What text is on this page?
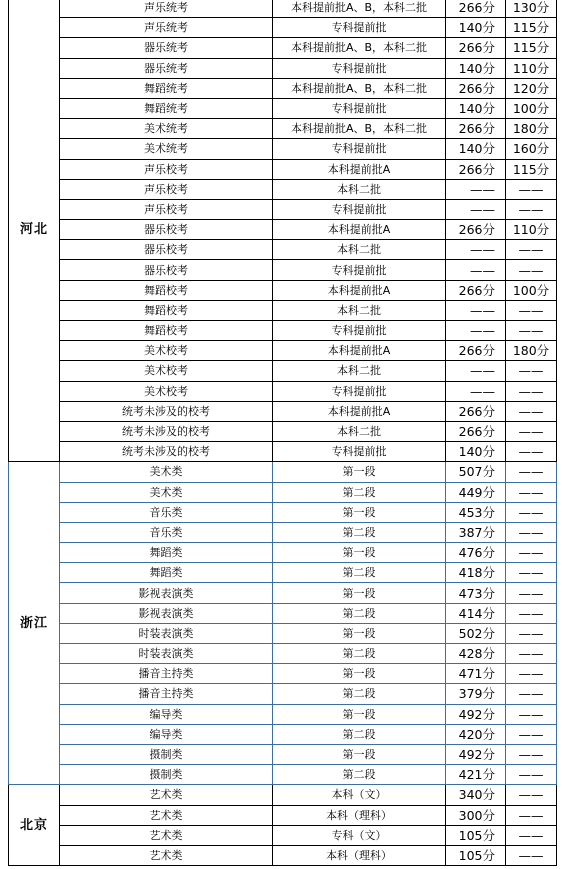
河北	声乐统考	本科提前批A、B，本科二批	266分	130分
	声乐统考	专科提前批	140分	115分
	器乐统考	本科提前批A、B，本科二批	266分	115分
	器乐统考	专科提前批	140分	110分
	舞蹈统考	本科提前批A、B，本科二批	266分	120分
	舞蹈统考	专科提前批	140分	100分
	美术统考	本科提前批A、B，本科二批	266分	180分
	美术统考	专科提前批	140分	160分
	声乐校考	本科提前批A	266分	115分
	声乐校考	本科二批	——	——
	声乐校考	专科提前批	——	——
	器乐校考	本科提前批A	266分	110分
	器乐校考	本科二批	——	——
	器乐校考	专科提前批	——	——
	舞蹈校考	本科提前批A	266分	100分
	舞蹈校考	本科二批	——	——
	舞蹈校考	专科提前批	——	——
	美术校考	本科提前批A	266分	180分
	美术校考	本科二批	——	——
	美术校考	专科提前批	——	——
	统考未涉及的校考	本科提前批A	266分	——
	统考未涉及的校考	本科二批	266分	——
	统考未涉及的校考	专科提前批	140分	——
浙江	美术类	第一段	507分	——
	美术类	第二段	449分	——
	音乐类	第一段	453分	——
	音乐类	第二段	387分	——
	舞蹈类	第一段	476分	——
	舞蹈类	第二段	418分	——
	影视表演类	第一段	473分	——
	影视表演类	第二段	414分	——
	时装表演类	第一段	502分	——
	时装表演类	第二段	428分	——
	播音主持类	第一段	471分	——
	播音主持类	第二段	379分	——
	编导类	第一段	492分	——
	编导类	第二段	420分	——
	摄制类	第一段	492分	——
	摄制类	第二段	421分	——
北京	艺术类	本科（文）	340分	——
	艺术类	本科（理科）	300分	——
	艺术类	专科（文）	105分	——
	艺术类	本科（理科）	105分	——
